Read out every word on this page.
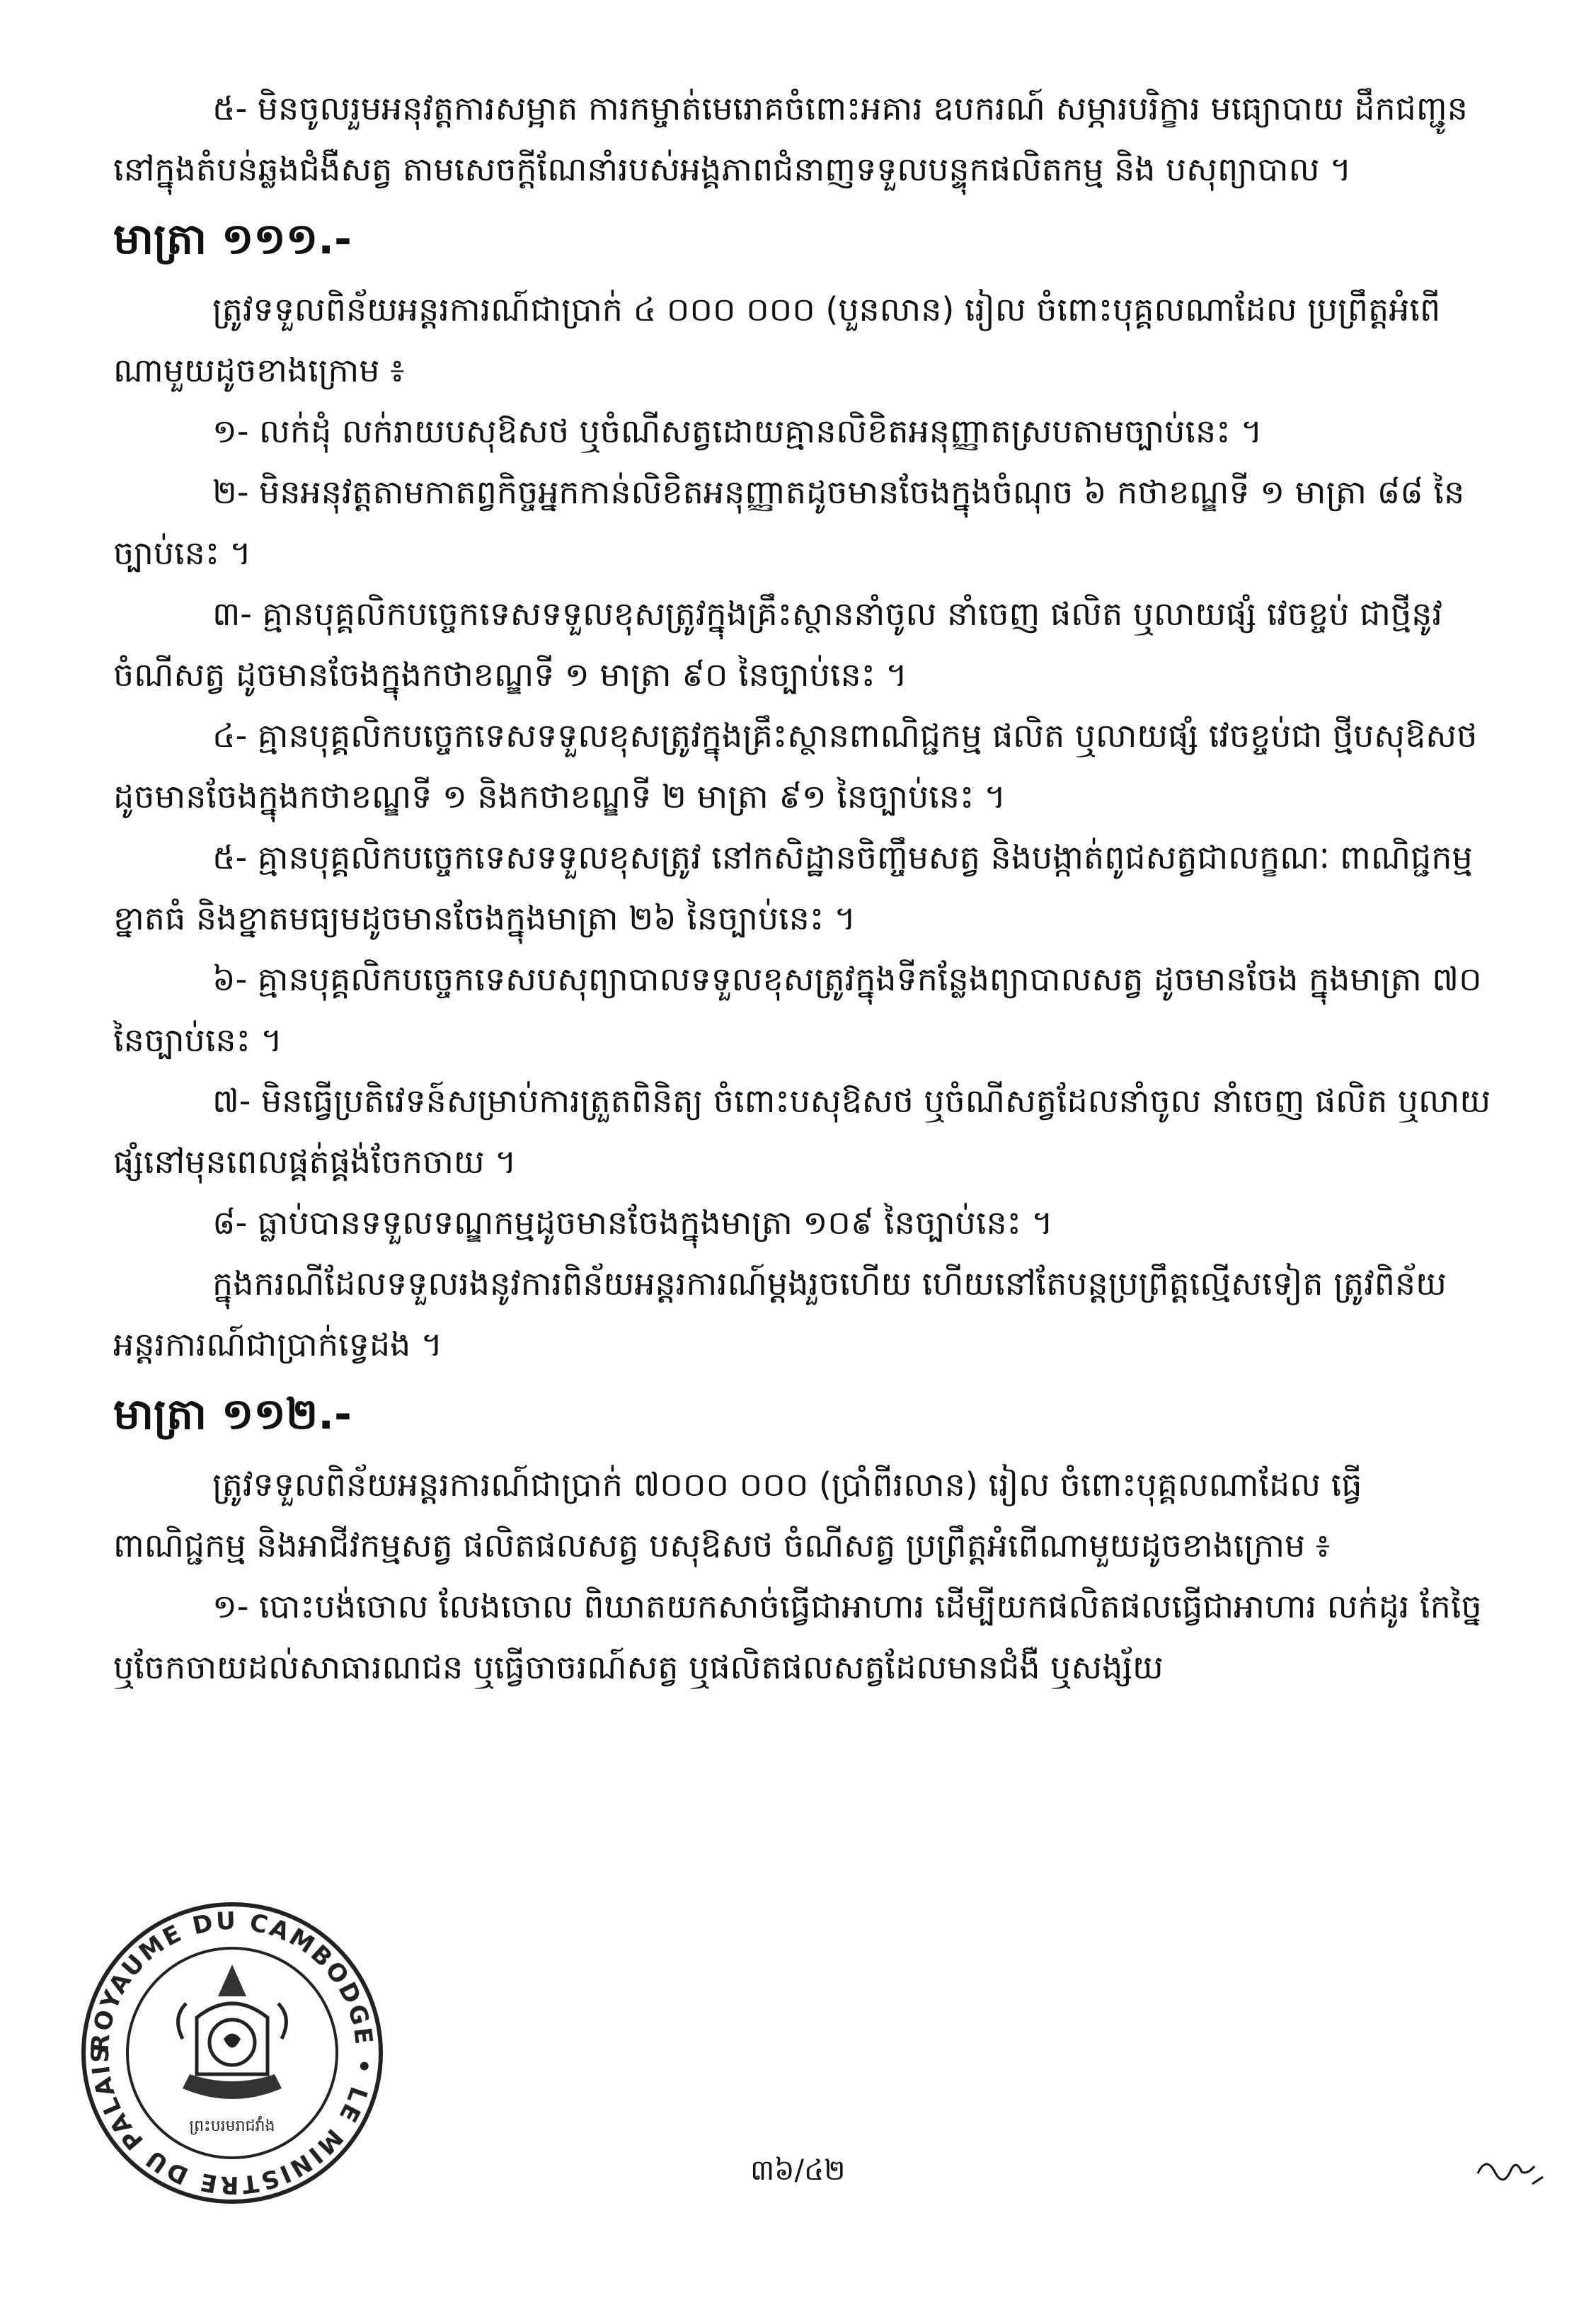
៥- មិនចូលរួមអនុវត្តការសម្អាត ការកម្ចាត់មេរោគចំពោះអគារ ឧបករណ៍ សម្ភារបរិក្ខារ មធ្យោបាយ ដឹកជញ្ជូននៅក្នុងតំបន់ឆ្លងជំងឺសត្វ តាមសេចក្តីណែនាំរបស់អង្គភាពជំនាញទទួលបន្ទុកផលិតកម្ម និង បសុព្យាបាល ។

មាត្រា ១១១.-

ត្រូវទទួលពិន័យអន្តរការណ៍ជាប្រាក់ ៤ ០០០ ០០០ (បួនលាន) រៀល ចំពោះបុគ្គលណាដែល ប្រព្រឹត្តអំពើណាមួយដូចខាងក្រោម ៖

១- លក់ដុំ លក់រាយបសុឱសថ ឬចំណីសត្វដោយគ្មានលិខិតអនុញ្ញាតស្របតាមច្បាប់នេះ ។

២- មិនអនុវត្តតាមកាតព្វកិច្ចអ្នកកាន់លិខិតអនុញ្ញាតដូចមានចែងក្នុងចំណុច ៦ កថាខណ្ឌទី ១ មាត្រា ៨៨ នៃច្បាប់នេះ ។

៣- គ្មានបុគ្គលិកបច្ចេកទេសទទួលខុសត្រូវក្នុងគ្រឹះស្ថាននាំចូល នាំចេញ ផលិត ឬលាយផ្សំ វេចខ្ចប់ ជាថ្មីនូវចំណីសត្វ ដូចមានចែងក្នុងកថាខណ្ឌទី ១ មាត្រា ៩០ នៃច្បាប់នេះ ។

៤- គ្មានបុគ្គលិកបច្ចេកទេសទទួលខុសត្រូវក្នុងគ្រឹះស្ថានពាណិជ្ជកម្ម ផលិត ឬលាយផ្សំ វេចខ្ចប់ជា ថ្មីបសុឱសថ ដូចមានចែងក្នុងកថាខណ្ឌទី ១ និងកថាខណ្ឌទី ២ មាត្រា ៩១ នៃច្បាប់នេះ ។

៥- គ្មានបុគ្គលិកបច្ចេកទេសទទួលខុសត្រូវ នៅកសិដ្ឋានចិញ្ចឹមសត្វ និងបង្កាត់ពូជសត្វជាលក្ខណៈ ពាណិជ្ជកម្មខ្នាតធំ និងខ្នាតមធ្យមដូចមានចែងក្នុងមាត្រា ២៦ នៃច្បាប់នេះ ។

៦- គ្មានបុគ្គលិកបច្ចេកទេសបសុព្យាបាលទទួលខុសត្រូវក្នុងទីកន្លែងព្យាបាលសត្វ ដូចមានចែង ក្នុងមាត្រា ៧០ នៃច្បាប់នេះ ។

៧- មិនធ្វើប្រតិវេទន៍សម្រាប់ការត្រួតពិនិត្យ ចំពោះបសុឱសថ ឬចំណីសត្វដែលនាំចូល នាំចេញ ផលិត ឬលាយផ្សំនៅមុនពេលផ្គត់ផ្គង់ចែកចាយ ។

៨- ធ្លាប់បានទទួលទណ្ឌកម្មដូចមានចែងក្នុងមាត្រា ១០៩ នៃច្បាប់នេះ ។

ក្នុងករណីដែលទទួលរងនូវការពិន័យអន្តរការណ៍ម្តងរួចហើយ ហើយនៅតែបន្តប្រព្រឹត្តល្មើសទៀត ត្រូវពិន័យអន្តរការណ៍ជាប្រាក់ទ្វេដង ។

មាត្រា ១១២.-

ត្រូវទទួលពិន័យអន្តរការណ៍ជាប្រាក់ ៧០០០ ០០០ (ប្រាំពីរលាន) រៀល ចំពោះបុគ្គលណាដែល ធ្វើពាណិជ្ជកម្ម និងអាជីវកម្មសត្វ ផលិតផលសត្វ បសុឱសថ ចំណីសត្វ ប្រព្រឹត្តអំពើណាមួយដូចខាងក្រោម ៖

១- បោះបង់ចោល លែងចោល ពិឃាតយកសាច់ធ្វើជាអាហារ ដើម្បីយកផលិតផលធ្វើជាអាហារ លក់ដូរ កែច្នៃ ឬចែកចាយដល់សាធារណជន ឬធ្វើចាចរណ៍សត្វ ឬផលិតផលសត្វដែលមានជំងឺ ឬសង្ស័យ

ROYAUME DU CAMBODGE • LE MINISTRE DU PALAIS
ព្រះបរមរាជវាំង
៣៦/៤២
